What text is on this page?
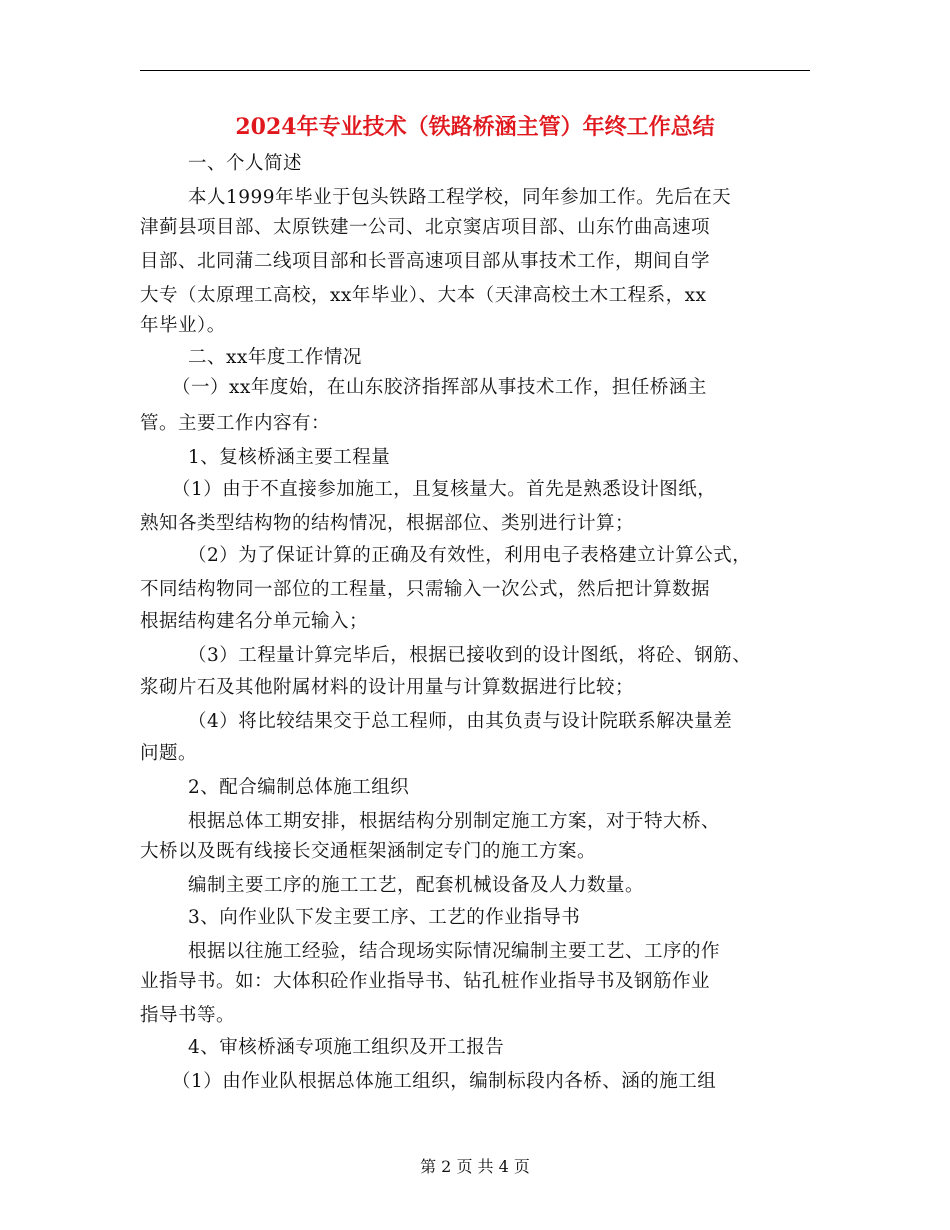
2024年专业技术（铁路桥涵主管）年终工作总结
一、个人简述
本人1999年毕业于包头铁路工程学校，同年参加工作。先后在天
津蓟县项目部、太原铁建一公司、北京窦店项目部、山东竹曲高速项
目部、北同蒲二线项目部和长晋高速项目部从事技术工作，期间自学
大专（太原理工高校，xx年毕业）、大本（天津高校土木工程系，xx
年毕业）。
二、xx年度工作情况
（一）xx年度始，在山东胶济指挥部从事技术工作，担任桥涵主
管。主要工作内容有：
1、复核桥涵主要工程量
（1）由于不直接参加施工，且复核量大。首先是熟悉设计图纸，
熟知各类型结构物的结构情况，根据部位、类别进行计算；
（2）为了保证计算的正确及有效性，利用电子表格建立计算公式，
不同结构物同一部位的工程量，只需输入一次公式，然后把计算数据
根据结构建名分单元输入；
（3）工程量计算完毕后，根据已接收到的设计图纸，将砼、钢筋、
浆砌片石及其他附属材料的设计用量与计算数据进行比较；
（4）将比较结果交于总工程师，由其负责与设计院联系解决量差
问题。
2、配合编制总体施工组织
根据总体工期安排，根据结构分别制定施工方案，对于特大桥、
大桥以及既有线接长交通框架涵制定专门的施工方案。
编制主要工序的施工工艺，配套机械设备及人力数量。
3、向作业队下发主要工序、工艺的作业指导书
根据以往施工经验，结合现场实际情况编制主要工艺、工序的作
业指导书。如：大体积砼作业指导书、钻孔桩作业指导书及钢筋作业
指导书等。
4、审核桥涵专项施工组织及开工报告
（1）由作业队根据总体施工组织，编制标段内各桥、涵的施工组
第 2 页 共 4 页
